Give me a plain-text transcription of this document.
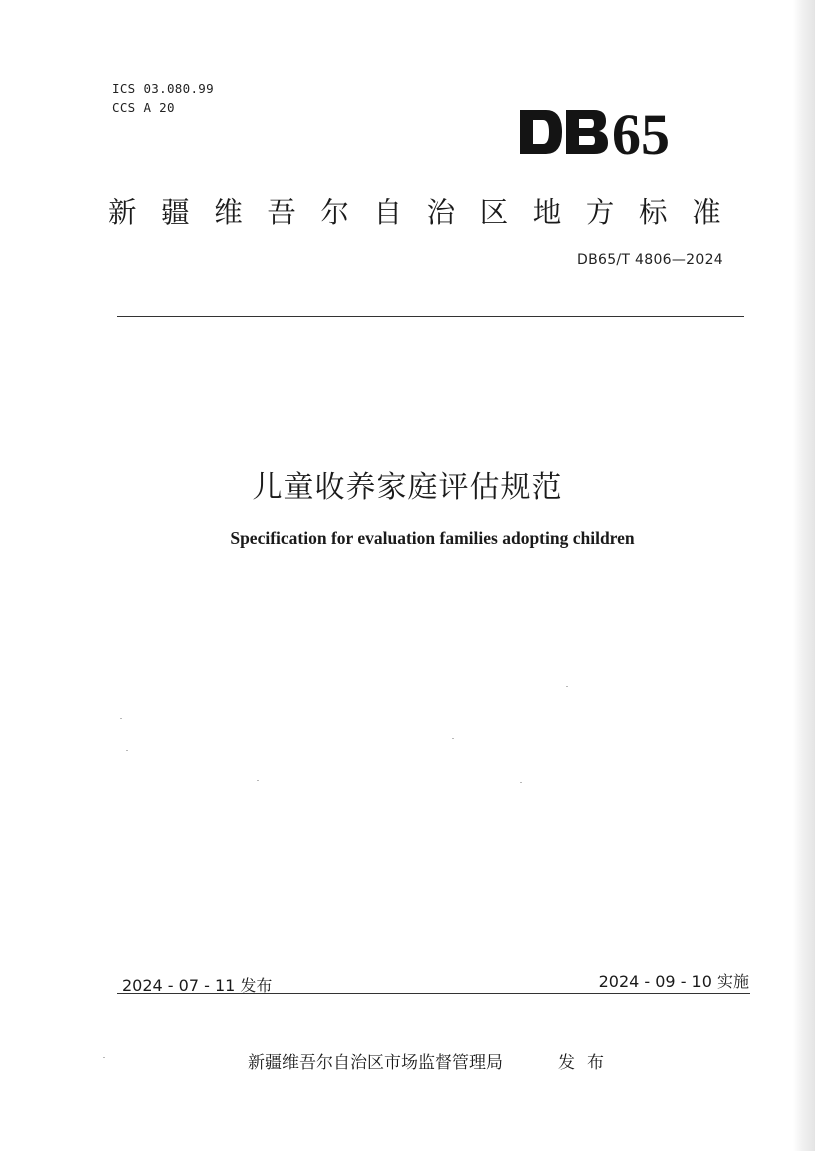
ICS 03.080.99
CCS A 20	65
新疆维吾尔自治区地方标准
DB65/T 4806—2024
儿童收养家庭评估规范
Specification for evaluation families adopting children
2024 - 07 - 11 发布	2024 - 09 - 10 实施
新疆维吾尔自治区市场监督管理局	发布
